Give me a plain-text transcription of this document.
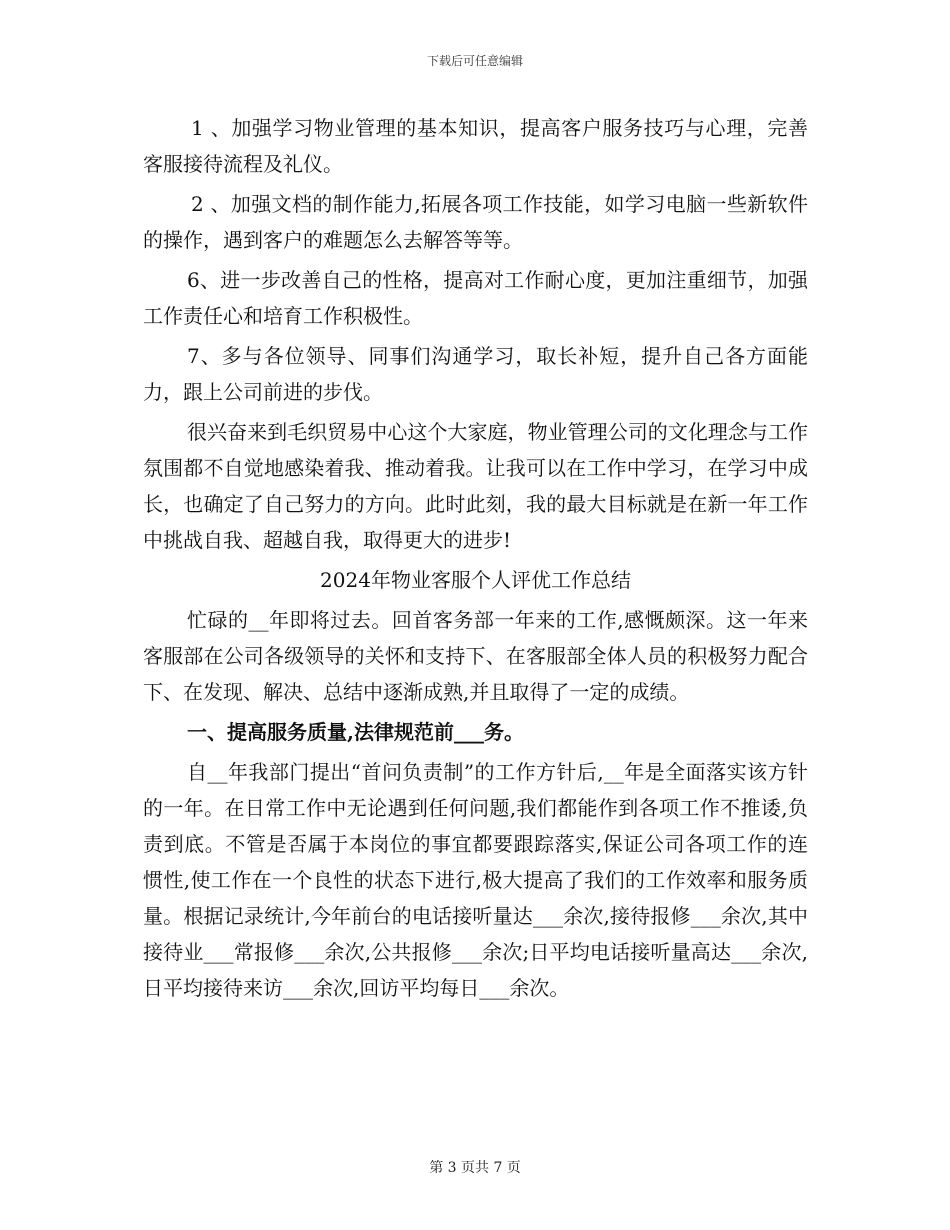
下载后可任意编辑

1 、加强学习物业管理的基本知识，提高客户服务技巧与心理，完善客服接待流程及礼仪。

2 、加强文档的制作能力,拓展各项工作技能，如学习电脑一些新软件的操作，遇到客户的难题怎么去解答等等。

6、进一步改善自己的性格，提高对工作耐心度，更加注重细节，加强工作责任心和培育工作积极性。

7、多与各位领导、同事们沟通学习，取长补短，提升自己各方面能力，跟上公司前进的步伐。

很兴奋来到毛织贸易中心这个大家庭，物业管理公司的文化理念与工作氛围都不自觉地感染着我、推动着我。让我可以在工作中学习，在学习中成长，也确定了自己努力的方向。此时此刻，我的最大目标就是在新一年工作中挑战自我、超越自我，取得更大的进步!

2024年物业客服个人评优工作总结

忙碌的__年即将过去。回首客务部一年来的工作,感慨颇深。这一年来客服部在公司各级领导的关怀和支持下、在客服部全体人员的积极努力配合下、在发现、解决、总结中逐渐成熟,并且取得了一定的成绩。

一、提高服务质量,法律规范前___务。

自__年我部门提出“首问负责制”的工作方针后,__年是全面落实该方针的一年。在日常工作中无论遇到任何问题,我们都能作到各项工作不推诿,负责到底。不管是否属于本岗位的事宜都要跟踪落实,保证公司各项工作的连惯性,使工作在一个良性的状态下进行,极大提高了我们的工作效率和服务质量。根据记录统计,今年前台的电话接听量达___余次,接待报修___余次,其中接待业___常报修___余次,公共报修___余次;日平均电话接听量高达___余次,日平均接待来访___余次,回访平均每日___余次。

第 3 页共 7 页
